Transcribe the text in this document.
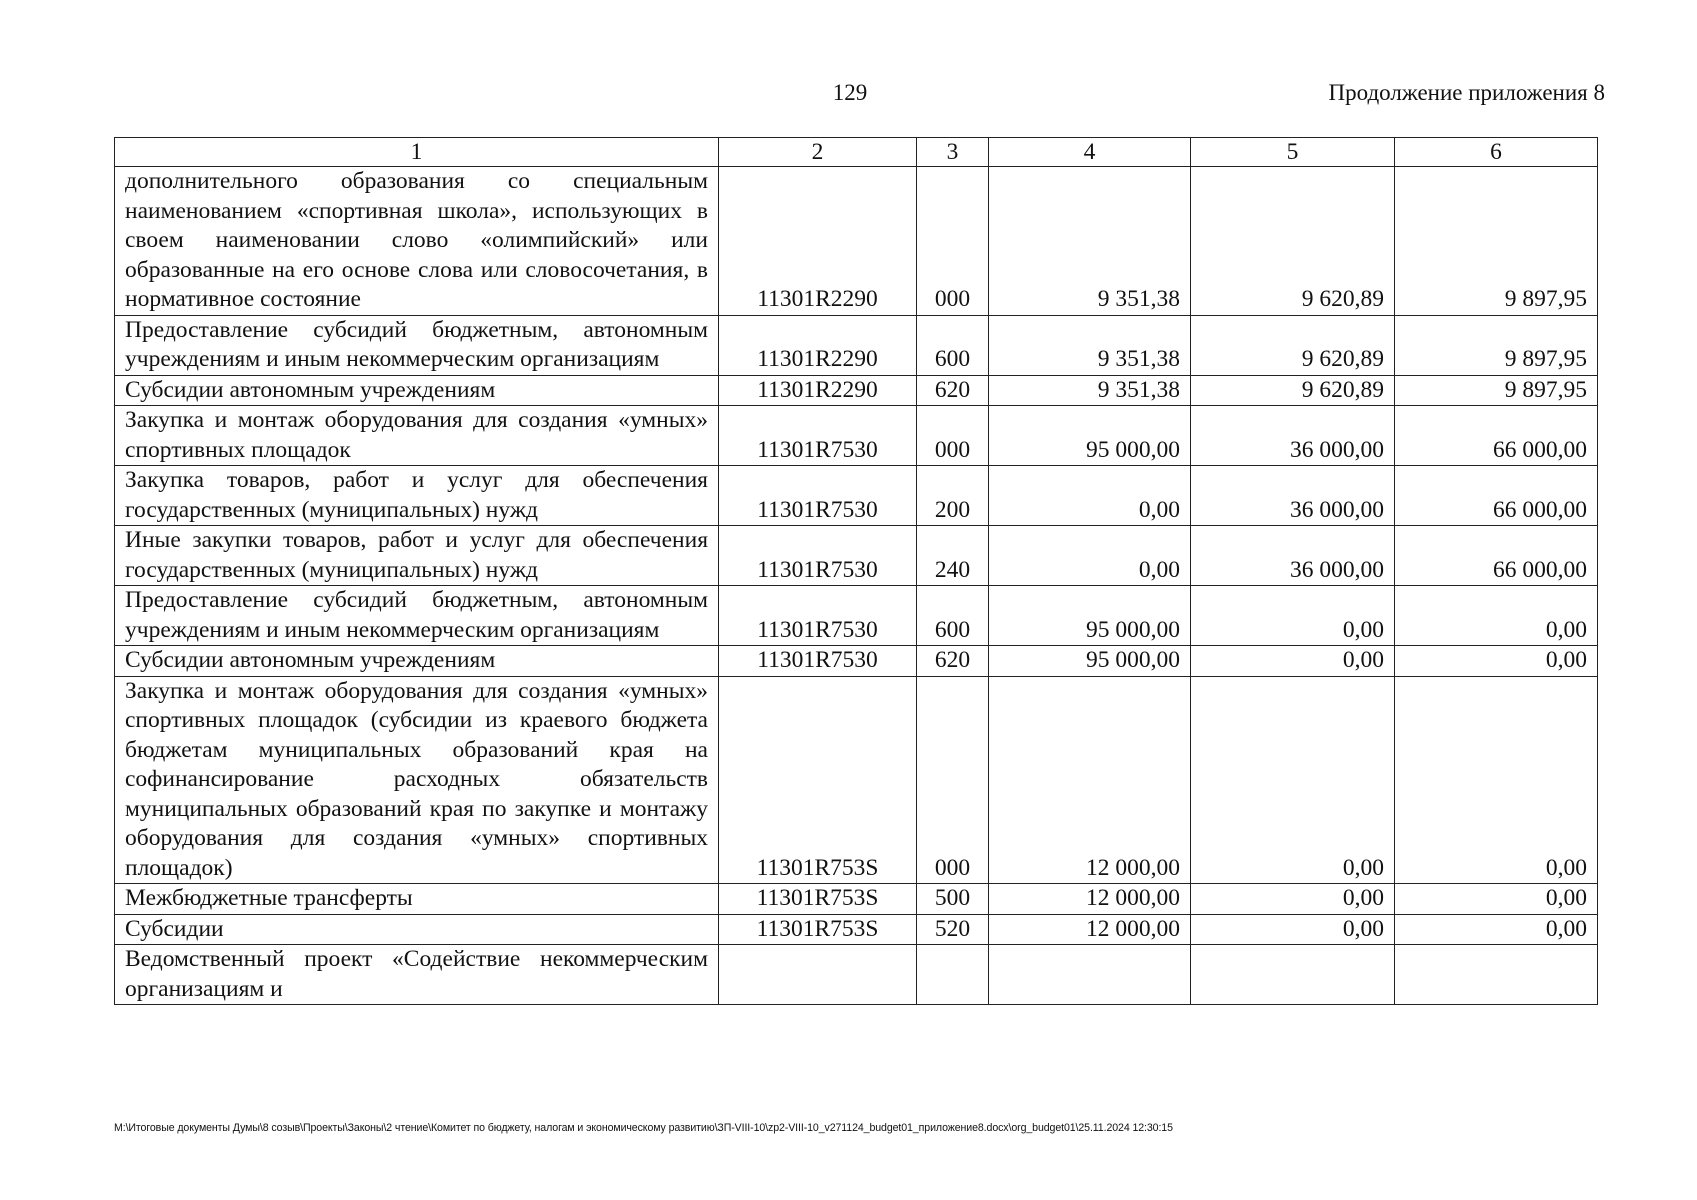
129	Продолжение приложения 8
1	2	3	4	5	6
дополнительного образования со специальным наименованием «спортивная школа», использующих в своем наименовании слово «олимпийский» или образованные на его основе слова или словосочетания, в нормативное состояние	11301R2290	000	9 351,38	9 620,89	9 897,95
Предоставление субсидий бюджетным, автономным учреждениям и иным некоммерческим организациям	11301R2290	600	9 351,38	9 620,89	9 897,95
Субсидии автономным учреждениям	11301R2290	620	9 351,38	9 620,89	9 897,95
Закупка и монтаж оборудования для создания «умных» спортивных площадок	11301R7530	000	95 000,00	36 000,00	66 000,00
Закупка товаров, работ и услуг для обеспечения государственных (муниципальных) нужд	11301R7530	200	0,00	36 000,00	66 000,00
Иные закупки товаров, работ и услуг для обеспечения государственных (муниципальных) нужд	11301R7530	240	0,00	36 000,00	66 000,00
Предоставление субсидий бюджетным, автономным учреждениям и иным некоммерческим организациям	11301R7530	600	95 000,00	0,00	0,00
Субсидии автономным учреждениям	11301R7530	620	95 000,00	0,00	0,00
Закупка и монтаж оборудования для создания «умных» спортивных площадок (субсидии из краевого бюджета бюджетам муниципальных образований края на софинансирование расходных обязательств муниципальных образований края по закупке и монтажу оборудования для создания «умных» спортивных площадок)	11301R753S	000	12 000,00	0,00	0,00
Межбюджетные трансферты	11301R753S	500	12 000,00	0,00	0,00
Субсидии	11301R753S	520	12 000,00	0,00	0,00
Ведомственный проект «Содействие некоммерческим организациям и					
M:\Итоговые документы Думы\8 созыв\Проекты\Законы\2 чтение\Комитет по бюджету, налогам и экономическому развитию\ЗП-VIII-10\zp2-VIII-10_v271124_budget01_приложение8.docx\org_budget01\25.11.2024 12:30:15
